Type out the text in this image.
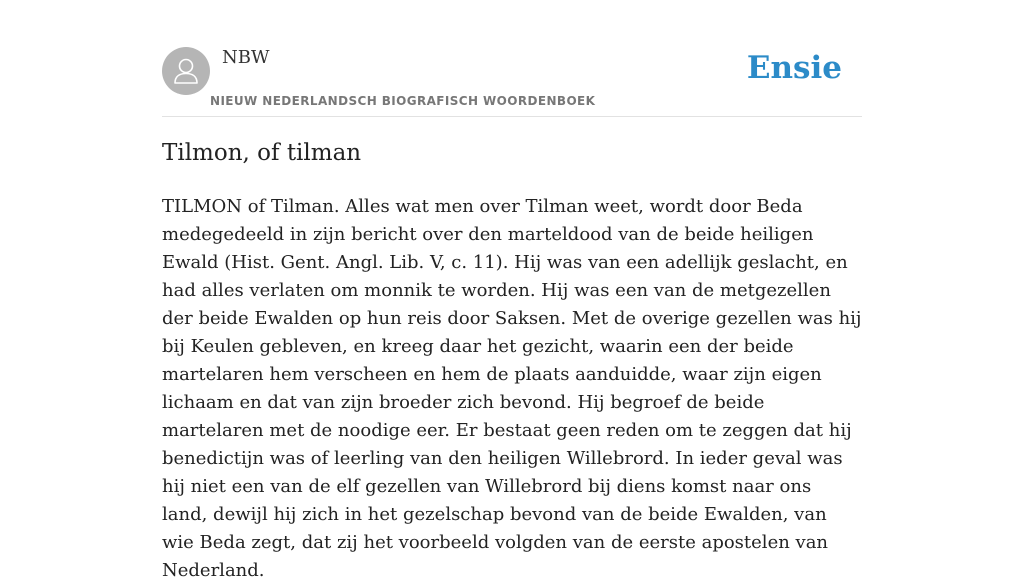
NBW
NIEUW NEDERLANDSCH BIOGRAFISCH WOORDENBOEK
Ensie
Tilmon, of tilman

TILMON of Tilman. Alles wat men over Tilman weet, wordt door Beda medegedeeld in zijn bericht over den marteldood van de beide heiligen Ewald (Hist. Gent. Angl. Lib. V, c. 11). Hij was van een adellijk geslacht, en had alles verlaten om monnik te worden. Hij was een van de metgezellen der beide Ewalden op hun reis door Saksen. Met de overige gezellen was hij bij Keulen gebleven, en kreeg daar het gezicht, waarin een der beide martelaren hem verscheen en hem de plaats aanduidde, waar zijn eigen lichaam en dat van zijn broeder zich bevond. Hij begroef de beide martelaren met de noodige eer. Er bestaat geen reden om te zeggen dat hij benedictijn was of leerling van den heiligen Willebrord. In ieder geval was hij niet een van de elf gezellen van Willebrord bij diens komst naar ons land, dewijl hij zich in het gezelschap bevond van de beide Ewalden, van wie Beda zegt, dat zij het voorbeeld volgden van de eerste apostelen van Nederland.
